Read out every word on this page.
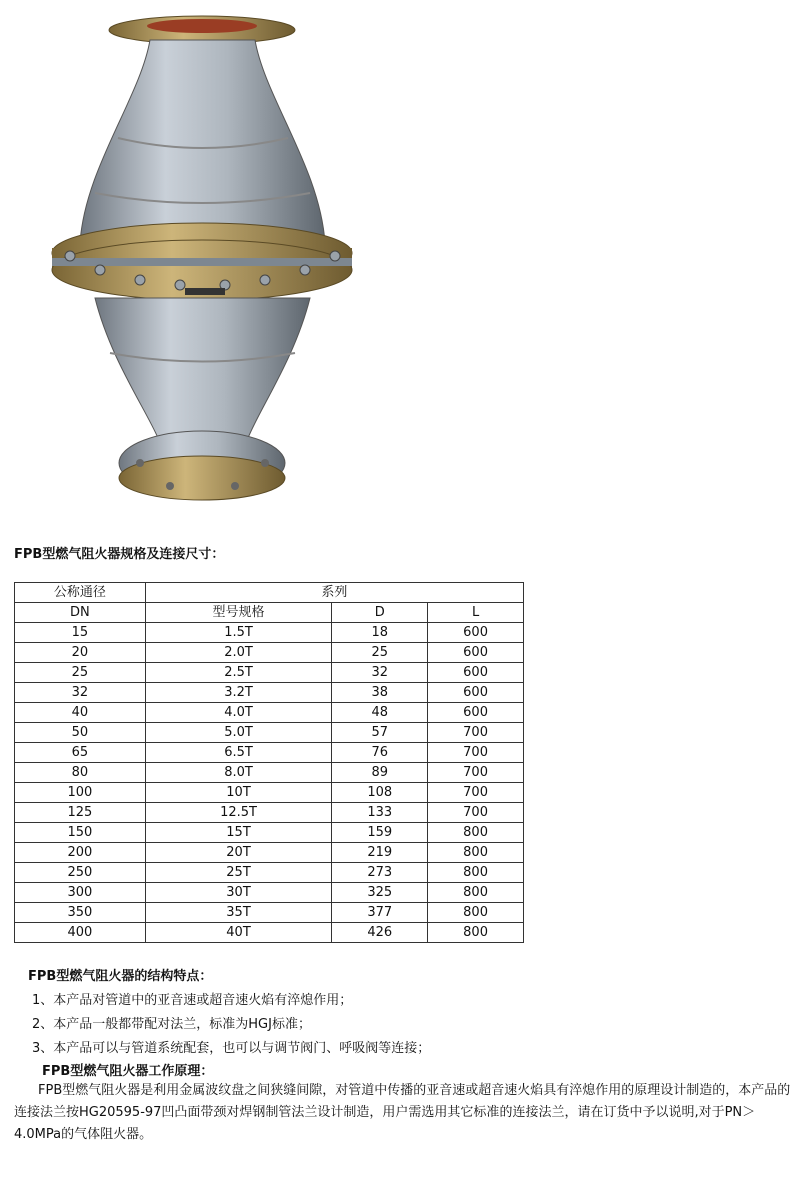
FPB型燃气阻火器规格及连接尺寸：
公称通径	系列		
DN	型号规格	D	L
15	1.5T	18	600
20	2.0T	25	600
25	2.5T	32	600
32	3.2T	38	600
40	4.0T	48	600
50	5.0T	57	700
65	6.5T	76	700
80	8.0T	89	700
100	10T	108	700
125	12.5T	133	700
150	15T	159	800
200	20T	219	800
250	25T	273	800
300	30T	325	800
350	35T	377	800
400	40T	426	800
FPB型燃气阻火器的结构特点：
1、本产品对管道中的亚音速或超音速火焰有淬熄作用；
2、本产品一般都带配对法兰，标准为HGJ标准；
3、本产品可以与管道系统配套，也可以与调节阀门、呼吸阀等连接；
FPB型燃气阻火器工作原理：
FPB型燃气阻火器是利用金属波纹盘之间狭缝间隙，对管道中传播的亚音速或超音速火焰具有淬熄作用的原理设计制造的，本产品的连接法兰按HG20595-97凹凸面带颈对焊钢制管法兰设计制造，用户需选用其它标准的连接法兰，请在订货中予以说明,对于PN＞4.0MPa的气体阻火器。
